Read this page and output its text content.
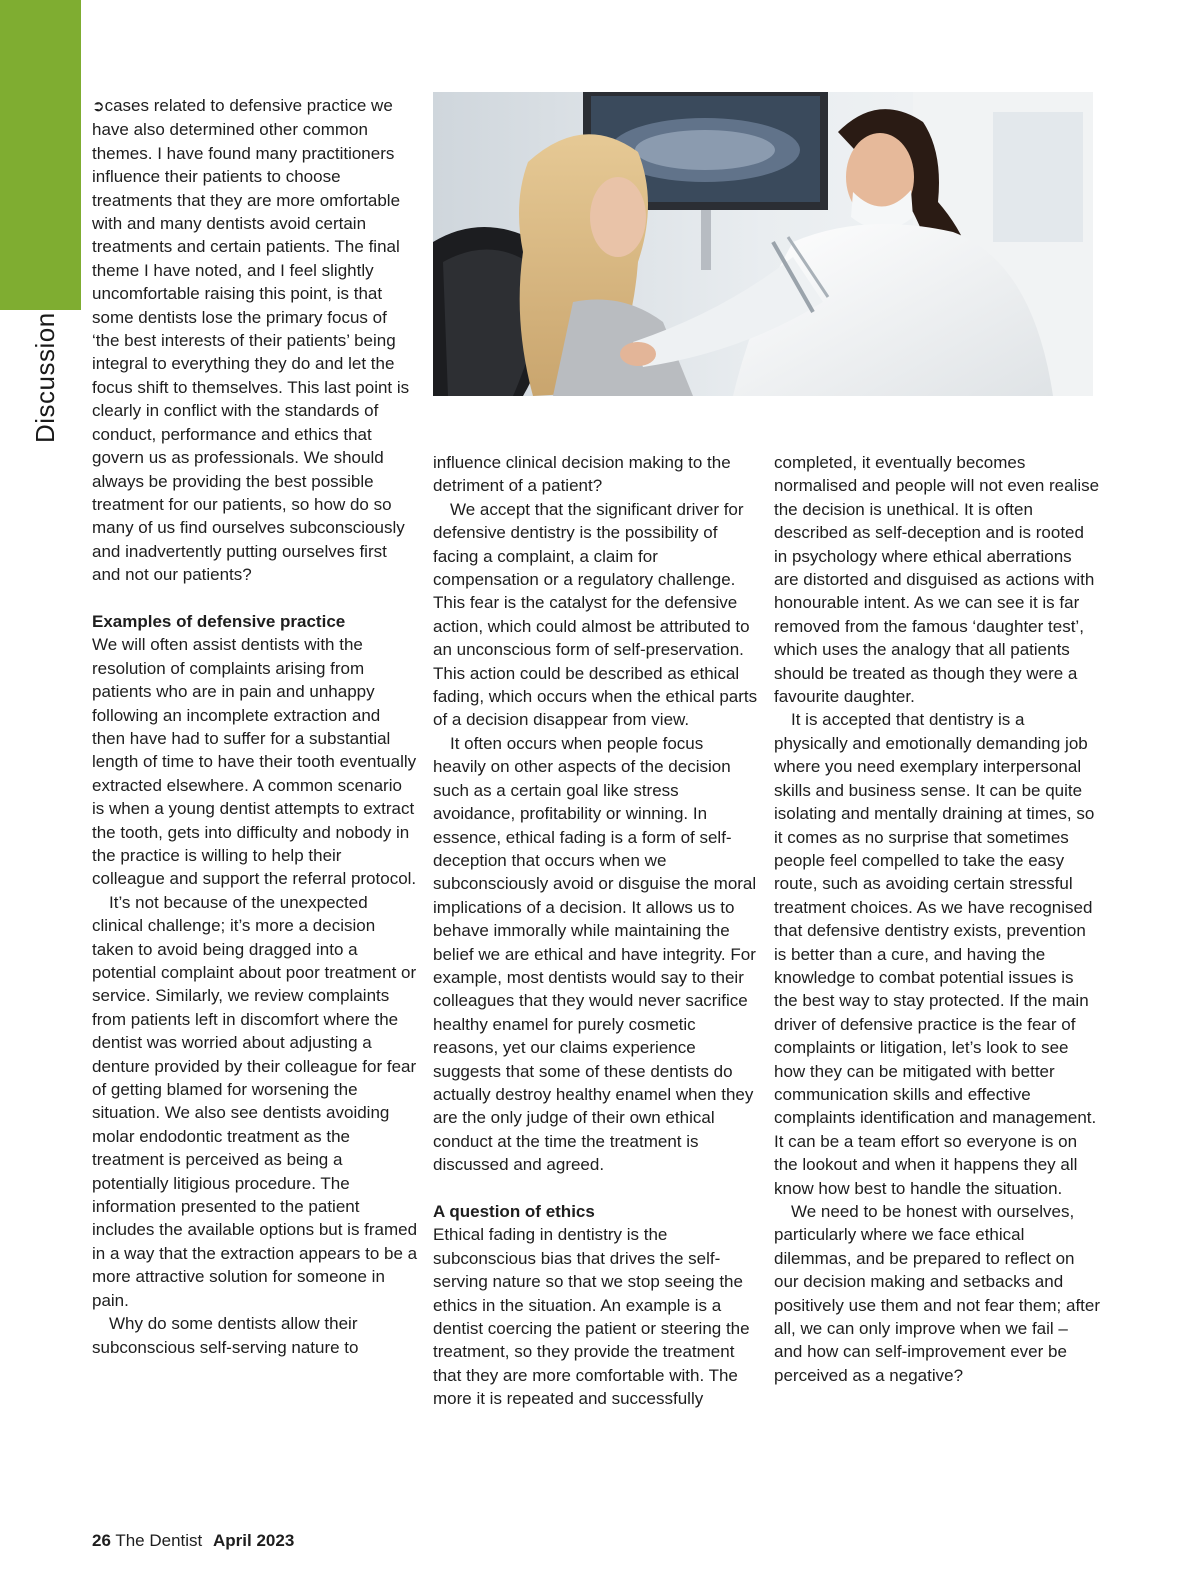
Discussion

➲cases related to defensive practice we have also determined other common themes. I have found many practitioners influence their patients to choose treatments that they are more omfortable with and many dentists avoid certain treatments and certain patients. The final theme I have noted, and I feel slightly uncomfortable raising this point, is that some dentists lose the primary focus of ‘the best interests of their patients’ being integral to everything they do and let the focus shift to themselves. This last point is clearly in conflict with the standards of conduct, performance and ethics that govern us as professionals. We should always be providing the best possible treatment for our patients, so how do so many of us find ourselves subconsciously and inadvertently putting ourselves first and not our patients?

Examples of defensive practice

We will often assist dentists with the resolution of complaints arising from patients who are in pain and unhappy following an incomplete extraction and then have had to suffer for a substantial length of time to have their tooth eventually extracted elsewhere. A common scenario is when a young dentist attempts to extract the tooth, gets into difficulty and nobody in the practice is willing to help their colleague and support the referral protocol.

It’s not because of the unexpected clinical challenge; it’s more a decision taken to avoid being dragged into a potential complaint about poor treatment or service. Similarly, we review complaints from patients left in discomfort where the dentist was worried about adjusting a denture provided by their colleague for fear of getting blamed for worsening the situation. We also see dentists avoiding molar endodontic treatment as the treatment is perceived as being a potentially litigious procedure. The information presented to the patient includes the available options but is framed in a way that the extraction appears to be a more attractive solution for someone in pain.

Why do some dentists allow their subconscious self-serving nature to

influence clinical decision making to the detriment of a patient?

We accept that the significant driver for defensive dentistry is the possibility of facing a complaint, a claim for compensation or a regulatory challenge. This fear is the catalyst for the defensive action, which could almost be attributed to an unconscious form of self-preservation. This action could be described as ethical fading, which occurs when the ethical parts of a decision disappear from view.

It often occurs when people focus heavily on other aspects of the decision such as a certain goal like stress avoidance, profitability or winning. In essence, ethical fading is a form of self-deception that occurs when we subconsciously avoid or disguise the moral implications of a decision. It allows us to behave immorally while maintaining the belief we are ethical and have integrity. For example, most dentists would say to their colleagues that they would never sacrifice healthy enamel for purely cosmetic reasons, yet our claims experience suggests that some of these dentists do actually destroy healthy enamel when they are the only judge of their own ethical conduct at the time the treatment is discussed and agreed.

A question of ethics

Ethical fading in dentistry is the subconscious bias that drives the self-serving nature so that we stop seeing the ethics in the situation. An example is a dentist coercing the patient or steering the treatment, so they provide the treatment that they are more comfortable with. The more it is repeated and successfully

completed, it eventually becomes normalised and people will not even realise the decision is unethical. It is often described as self-deception and is rooted in psychology where ethical aberrations are distorted and disguised as actions with honourable intent. As we can see it is far removed from the famous ‘daughter test’, which uses the analogy that all patients should be treated as though they were a favourite daughter.

It is accepted that dentistry is a physically and emotionally demanding job where you need exemplary interpersonal skills and business sense. It can be quite isolating and mentally draining at times, so it comes as no surprise that sometimes people feel compelled to take the easy route, such as avoiding certain stressful treatment choices. As we have recognised that defensive dentistry exists, prevention is better than a cure, and having the knowledge to combat potential issues is the best way to stay protected. If the main driver of defensive practice is the fear of complaints or litigation, let’s look to see how they can be mitigated with better communication skills and effective complaints identification and management. It can be a team effort so everyone is on the lookout and when it happens they all know how best to handle the situation.

We need to be honest with ourselves, particularly where we face ethical dilemmas, and be prepared to reflect on our decision making and setbacks and positively use them and not fear them; after all, we can only improve when we fail – and how can self-improvement ever be perceived as a negative?

26 The Dentist April 2023
